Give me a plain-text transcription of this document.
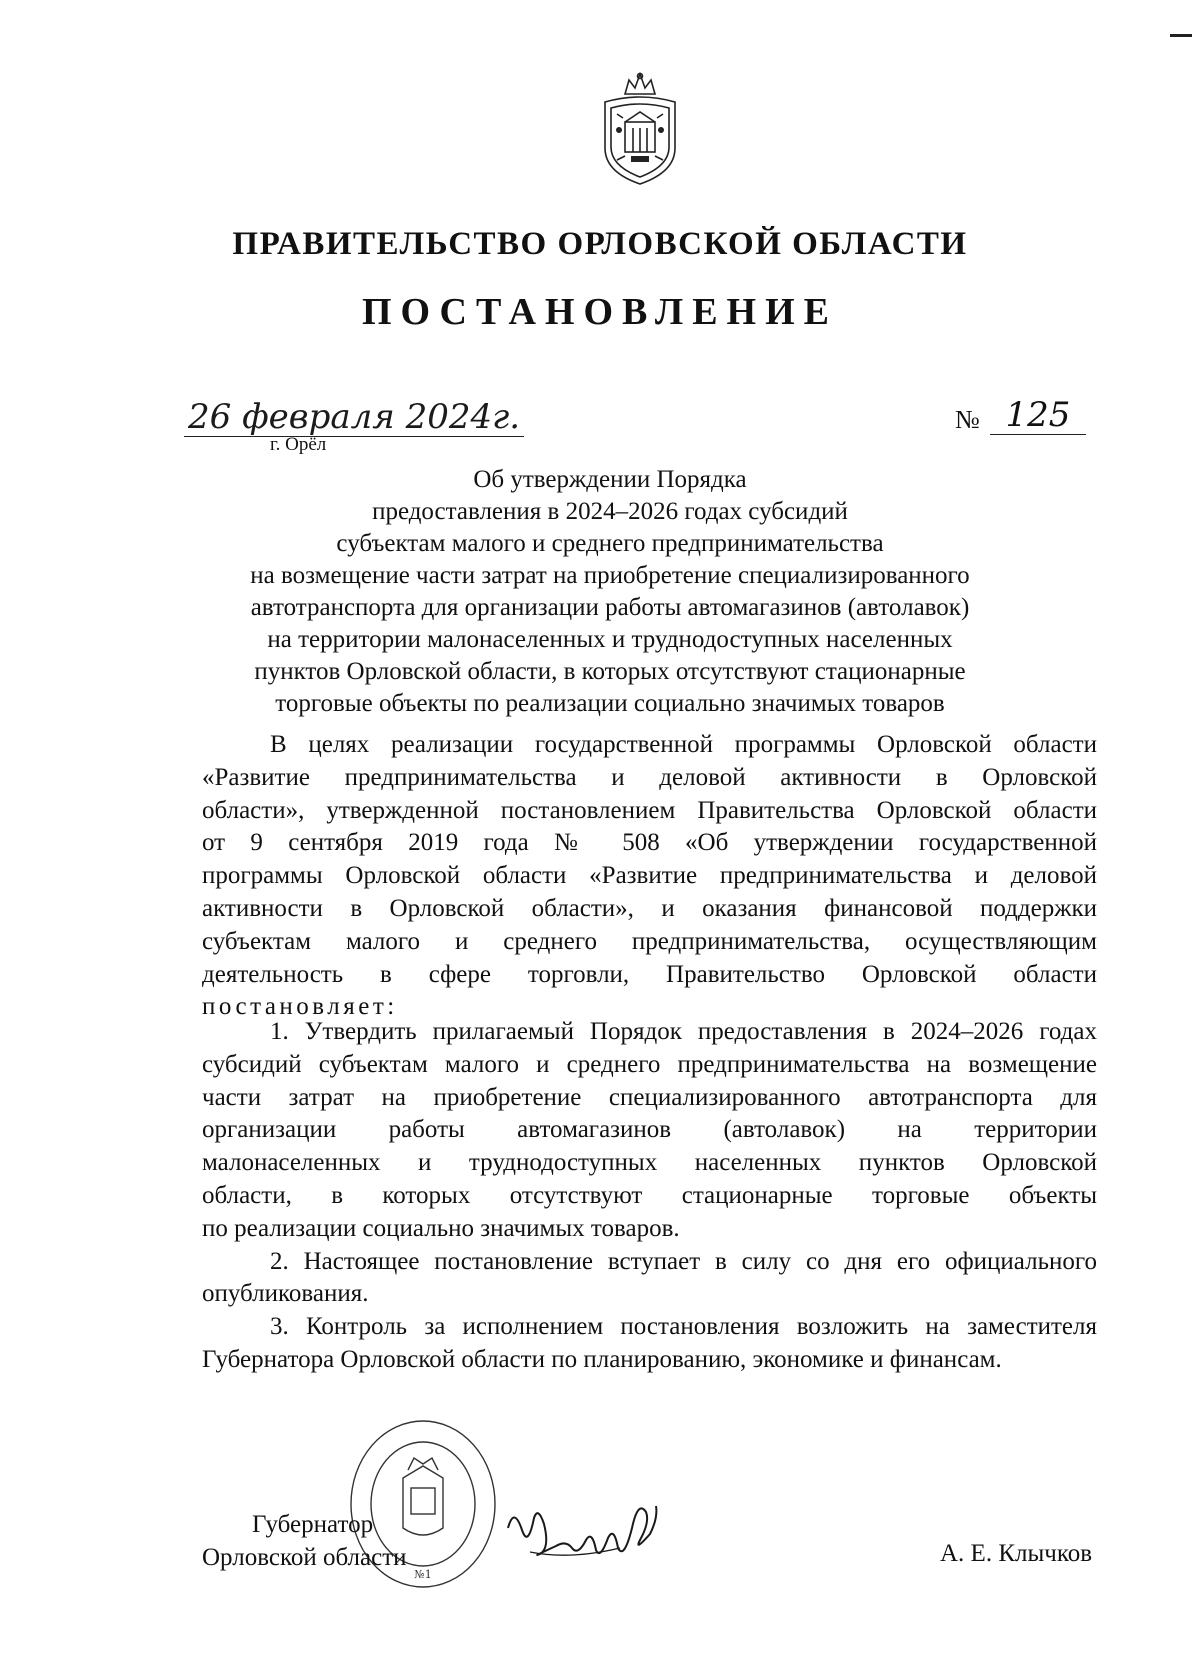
ПРАВИТЕЛЬСТВО ОРЛОВСКОЙ ОБЛАСТИ
ПОСТАНОВЛЕНИЕ
26 февраля 2024г.
г. Орёл
№ 125
Об утверждении Порядка
предоставления в 2024–2026 годах субсидий
субъектам малого и среднего предпринимательства
на возмещение части затрат на приобретение специализированного
автотранспорта для организации работы автомагазинов (автолавок)
на территории малонаселенных и труднодоступных населенных
пунктов Орловской области, в которых отсутствуют стационарные
торговые объекты по реализации социально значимых товаров
В целях реализации государственной программы Орловской области
«Развитие предпринимательства и деловой активности в Орловской
области», утвержденной постановлением Правительства Орловской области
от 9 сентября 2019 года № 508 «Об утверждении государственной
программы Орловской области «Развитие предпринимательства и деловой
активности в Орловской области», и оказания финансовой поддержки
субъектам малого и среднего предпринимательства, осуществляющим
деятельность в сфере торговли, Правительство Орловской области
постановляет:
1. Утвердить прилагаемый Порядок предоставления в 2024–2026 годах
субсидий субъектам малого и среднего предпринимательства на возмещение
части затрат на приобретение специализированного автотранспорта для
организации работы автомагазинов (автолавок) на территории
малонаселенных и труднодоступных населенных пунктов Орловской
области, в которых отсутствуют стационарные торговые объекты
по реализации социально значимых товаров.
2. Настоящее постановление вступает в силу со дня его официального
опубликования.
3. Контроль за исполнением постановления возложить на заместителя
Губернатора Орловской области по планированию, экономике и финансам.
№1
Губернатор
Орловской области	А. Е. Клычков
